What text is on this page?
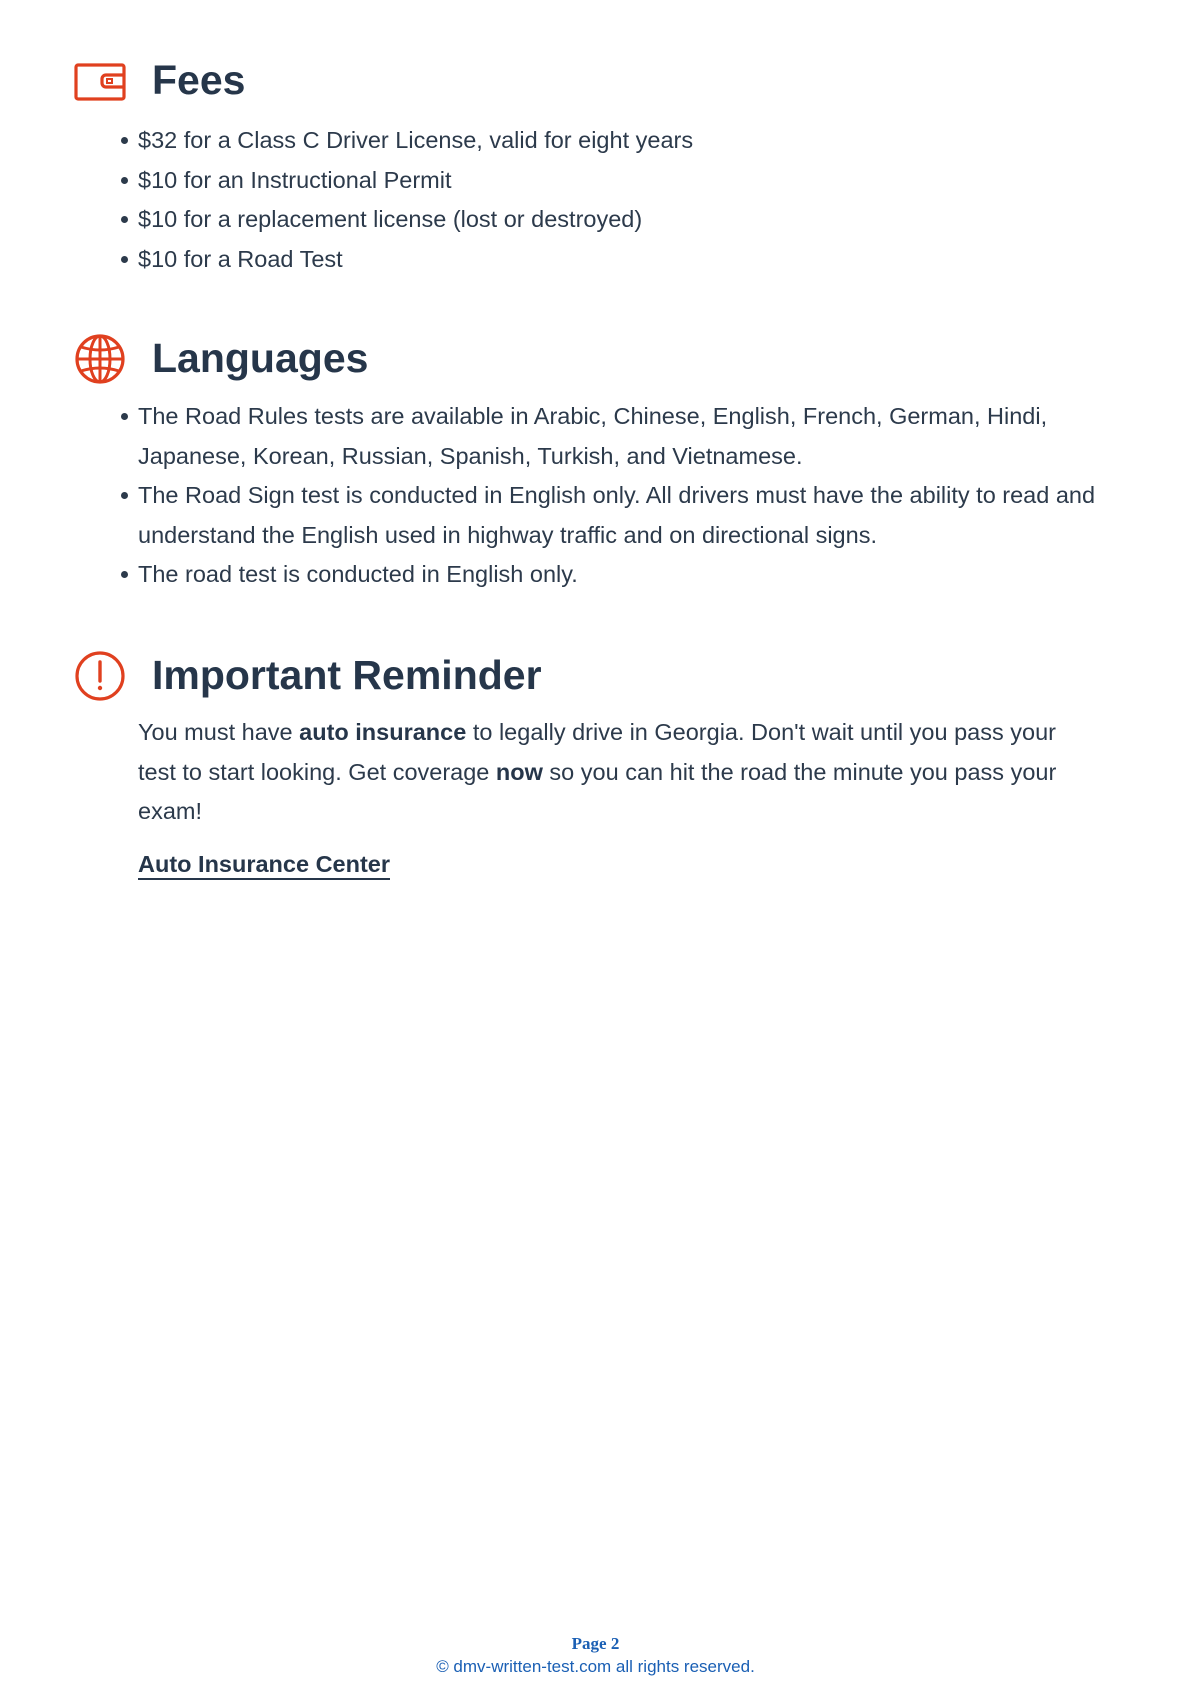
Fees
$32 for a Class C Driver License, valid for eight years
$10 for an Instructional Permit
$10 for a replacement license (lost or destroyed)
$10 for a Road Test
Languages
The Road Rules tests are available in Arabic, Chinese, English, French, German, Hindi, Japanese, Korean, Russian, Spanish, Turkish, and Vietnamese.
The Road Sign test is conducted in English only. All drivers must have the ability to read and understand the English used in highway traffic and on directional signs.
The road test is conducted in English only.
Important Reminder

You must have auto insurance to legally drive in Georgia. Don't wait until you pass your test to start looking. Get coverage now so you can hit the road the minute you pass your exam!

Auto Insurance Center
Page 2
© dmv-written-test.com all rights reserved.
